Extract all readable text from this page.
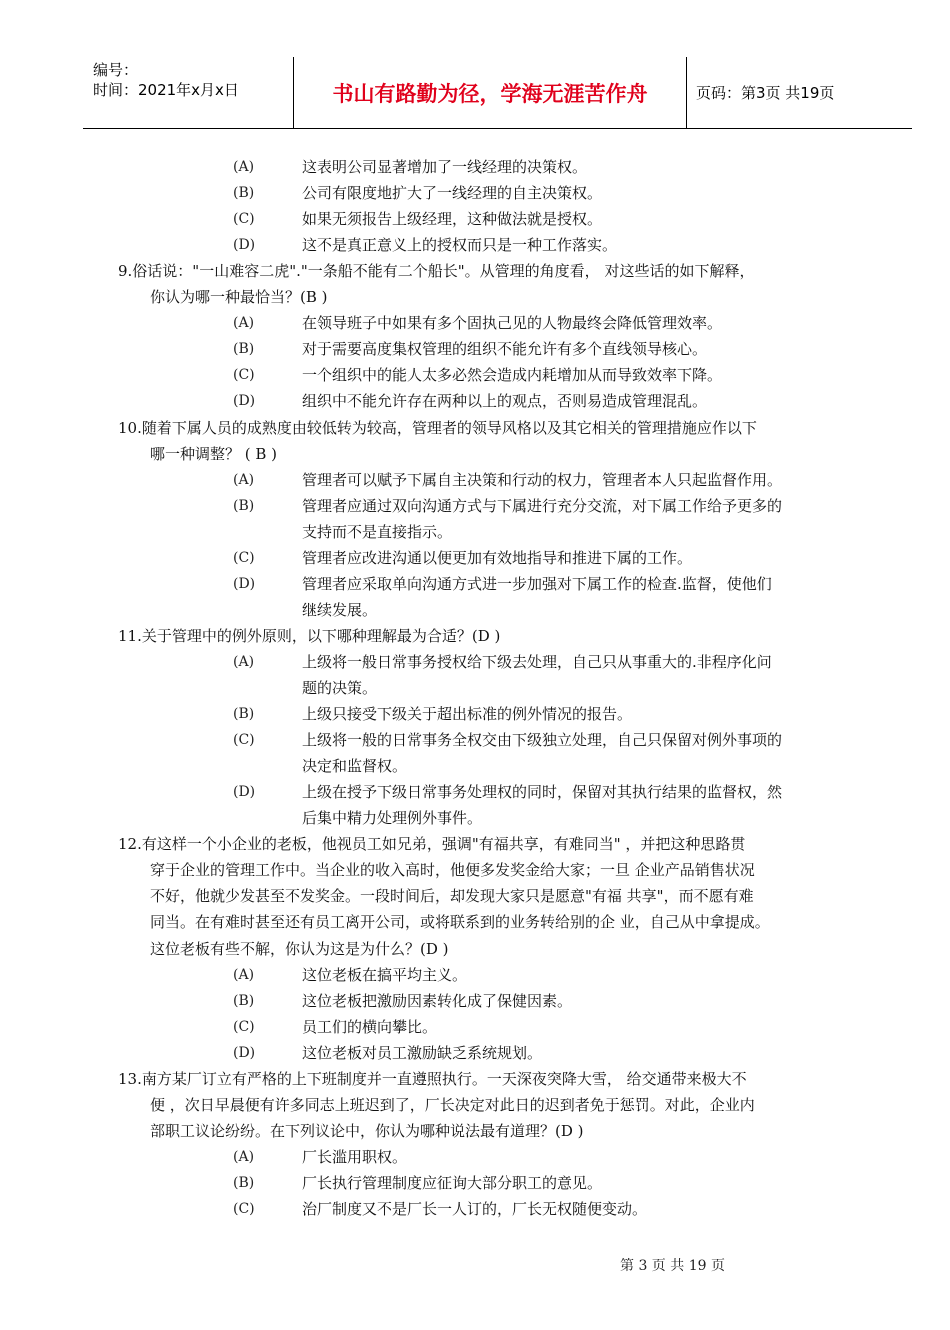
编号：
时间：2021年x月x日	书山有路勤为径，学海无涯苦作舟	页码：第3页 共19页
(A)	这表明公司显著增加了一线经理的决策权。
(B)	公司有限度地扩大了一线经理的自主决策权。
(C)	如果无须报告上级经理，这种做法就是授权。
(D)	这不是真正意义上的授权而只是一种工作落实。
9.俗话说："一山难容二虎"."一条船不能有二个船长"。从管理的角度看， 对这些话的如下解释，
你认为哪一种最恰当？(B )
(A)	在领导班子中如果有多个固执己见的人物最终会降低管理效率。
(B)	对于需要高度集权管理的组织不能允许有多个直线领导核心。
(C)	一个组织中的能人太多必然会造成内耗增加从而导致效率下降。
(D)	组织中不能允许存在两种以上的观点，否则易造成管理混乱。
10.随着下属人员的成熟度由较低转为较高，管理者的领导风格以及其它相关的管理措施应作以下
哪一种调整？ ( B )
(A)	管理者可以赋予下属自主决策和行动的权力，管理者本人只起监督作用。
(B)	管理者应通过双向沟通方式与下属进行充分交流，对下属工作给予更多的
支持而不是直接指示。
(C)	管理者应改进沟通以便更加有效地指导和推进下属的工作。
(D)	管理者应采取单向沟通方式进一步加强对下属工作的检查.监督，使他们
继续发展。
11.关于管理中的例外原则，以下哪种理解最为合适？(D )
(A)	上级将一般日常事务授权给下级去处理，自己只从事重大的.非程序化问
题的决策。
(B)	上级只接受下级关于超出标准的例外情况的报告。
(C)	上级将一般的日常事务全权交由下级独立处理，自己只保留对例外事项的
决定和监督权。
(D)	上级在授予下级日常事务处理权的同时，保留对其执行结果的监督权，然
后集中精力处理例外事件。
12.有这样一个小企业的老板，他视员工如兄弟，强调"有福共享，有难同当" ，并把这种思路贯
穿于企业的管理工作中。当企业的收入高时，他便多发奖金给大家；一旦 企业产品销售状况
不好，他就少发甚至不发奖金。一段时间后，却发现大家只是愿意"有福 共享"，而不愿有难
同当。在有难时甚至还有员工离开公司，或将联系到的业务转给别的企 业，自己从中拿提成。
这位老板有些不解，你认为这是为什么？(D )
(A)	这位老板在搞平均主义。
(B)	这位老板把激励因素转化成了保健因素。
(C)	员工们的横向攀比。
(D)	这位老板对员工激励缺乏系统规划。
13.南方某厂订立有严格的上下班制度并一直遵照执行。一天深夜突降大雪， 给交通带来极大不
便 ，次日早晨便有许多同志上班迟到了，厂长决定对此日的迟到者免于惩罚。对此，企业内
部职工议论纷纷。在下列议论中，你认为哪种说法最有道理？(D )
(A)	厂长滥用职权。
(B)	厂长执行管理制度应征询大部分职工的意见。
(C)	治厂制度又不是厂长一人订的，厂长无权随便变动。
第 3 页 共 19 页
